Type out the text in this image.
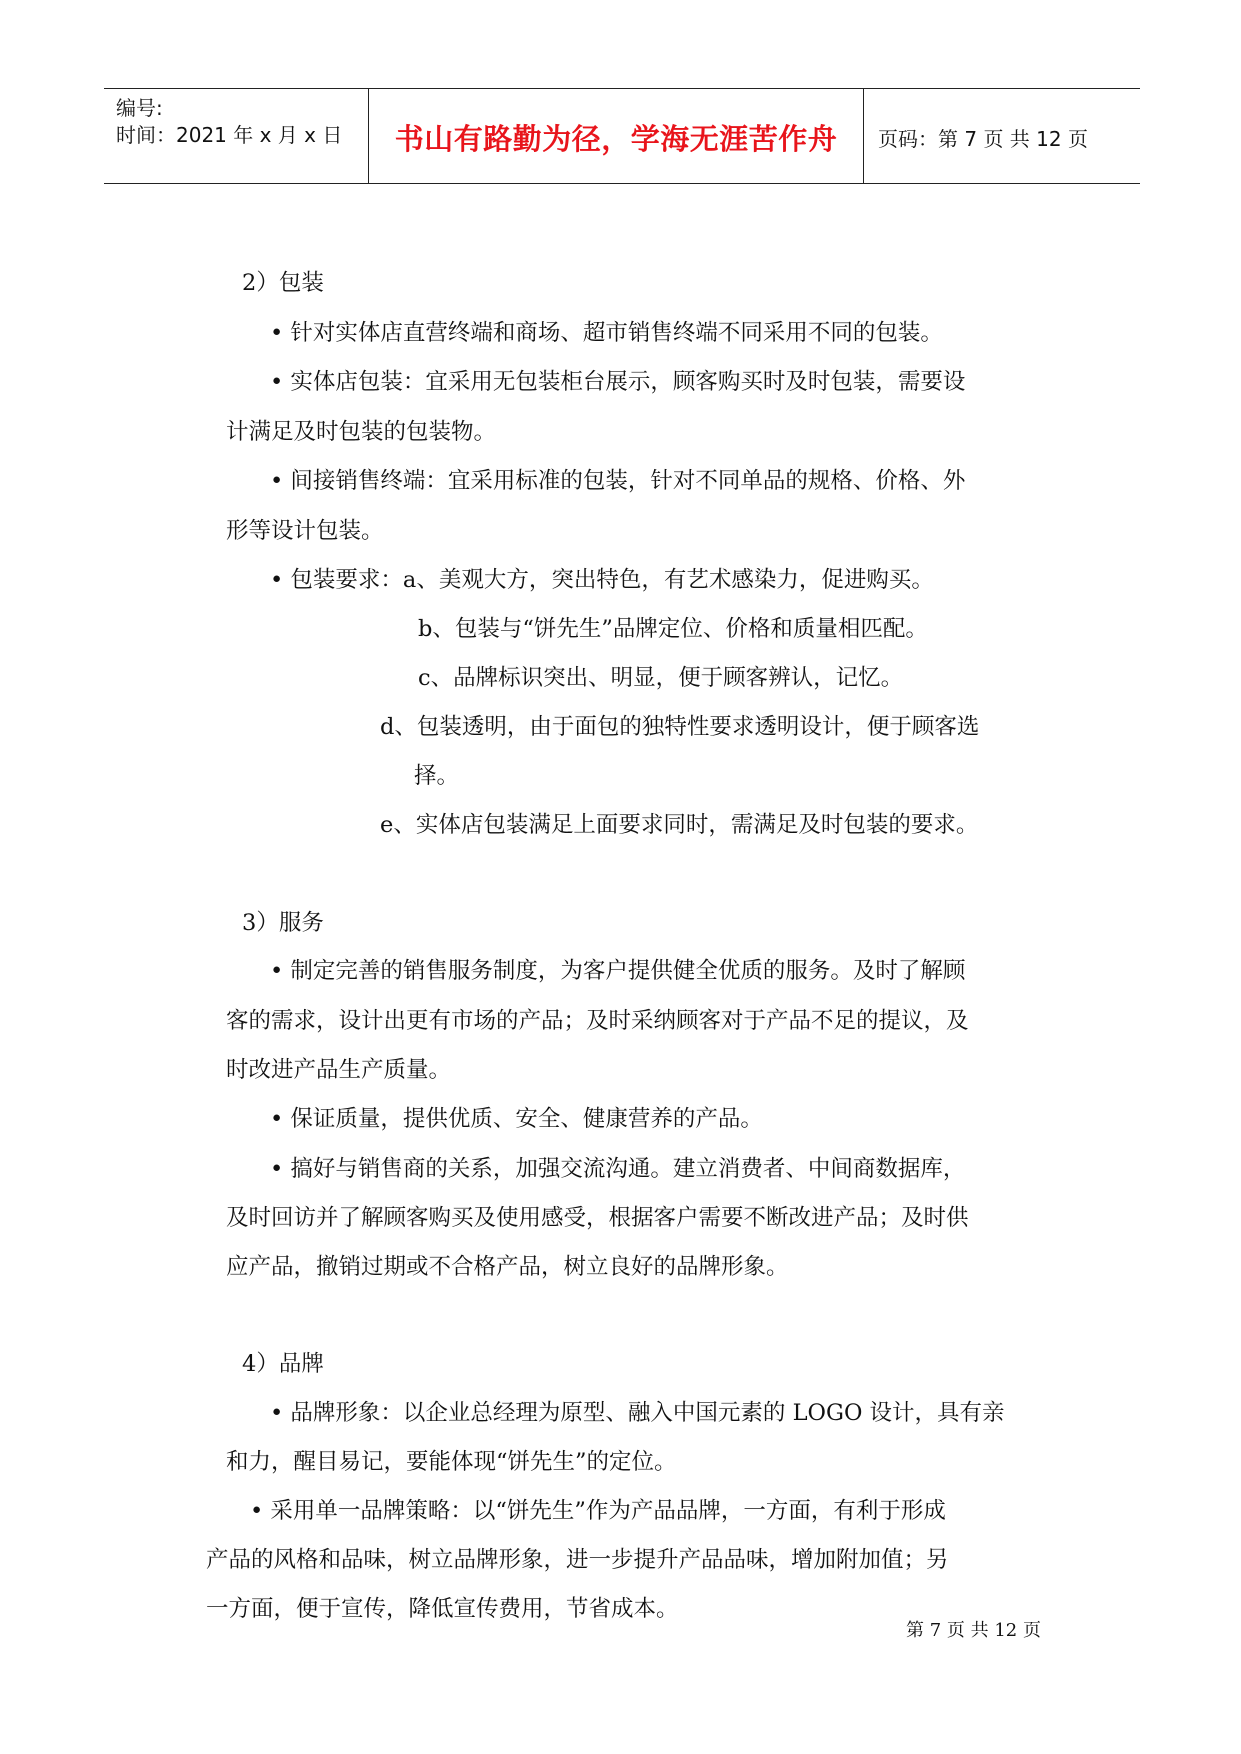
编号:
时间：2021 年 x 月 x 日	书山有路勤为径，学海无涯苦作舟	页码：第 7 页 共 12 页
2）包装
• 针对实体店直营终端和商场、超市销售终端不同采用不同的包装。
• 实体店包装：宜采用无包装柜台展示，顾客购买时及时包装，需要设
计满足及时包装的包装物。
• 间接销售终端：宜采用标准的包装，针对不同单品的规格、价格、外
形等设计包装。
• 包装要求：a、美观大方，突出特色，有艺术感染力，促进购买。
b、包装与“饼先生”品牌定位、价格和质量相匹配。
c、品牌标识突出、明显，便于顾客辨认，记忆。
d、包装透明，由于面包的独特性要求透明设计，便于顾客选
择。
e、实体店包装满足上面要求同时，需满足及时包装的要求。
3）服务
• 制定完善的销售服务制度，为客户提供健全优质的服务。及时了解顾
客的需求，设计出更有市场的产品；及时采纳顾客对于产品不足的提议，及
时改进产品生产质量。
• 保证质量，提供优质、安全、健康营养的产品。
• 搞好与销售商的关系，加强交流沟通。建立消费者、中间商数据库，
及时回访并了解顾客购买及使用感受，根据客户需要不断改进产品；及时供
应产品，撤销过期或不合格产品，树立良好的品牌形象。
4）品牌
• 品牌形象：以企业总经理为原型、融入中国元素的 LOGO 设计，具有亲
和力，醒目易记，要能体现“饼先生”的定位。
• 采用单一品牌策略：以“饼先生”作为产品品牌，一方面，有利于形成
产品的风格和品味，树立品牌形象，进一步提升产品品味，增加附加值；另
一方面，便于宣传，降低宣传费用，节省成本。
第 7 页 共 12 页
